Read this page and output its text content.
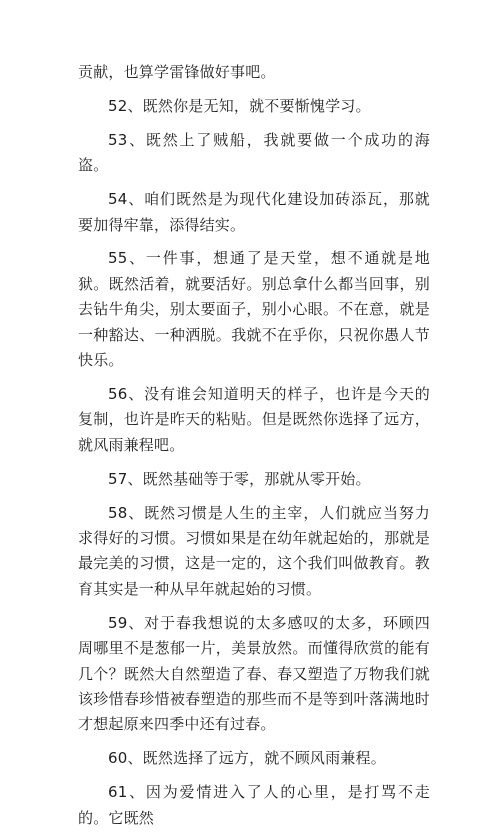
贡献，也算学雷锋做好事吧。

52、既然你是无知，就不要惭愧学习。

53、既然上了贼船，我就要做一个成功的海盗。

54、咱们既然是为现代化建设加砖添瓦，那就要加得牢靠，添得结实。

55、一件事，想通了是天堂，想不通就是地狱。既然活着，就要活好。别总拿什么都当回事，别去钻牛角尖，别太要面子，别小心眼。不在意，就是一种豁达、一种洒脱。我就不在乎你，只祝你愚人节快乐。

56、没有谁会知道明天的样子，也许是今天的复制，也许是昨天的粘贴。但是既然你选择了远方，就风雨兼程吧。

57、既然基础等于零，那就从零开始。

58、既然习惯是人生的主宰，人们就应当努力求得好的习惯。习惯如果是在幼年就起始的，那就是最完美的习惯，这是一定的，这个我们叫做教育。教育其实是一种从早年就起始的习惯。

59、对于春我想说的太多感叹的太多，环顾四周哪里不是葱郁一片，美景放然。而懂得欣赏的能有几个？既然大自然塑造了春、春又塑造了万物我们就该珍惜春珍惜被春塑造的那些而不是等到叶落满地时才想起原来四季中还有过春。

60、既然选择了远方，就不顾风雨兼程。

61、因为爱情进入了人的心里，是打骂不走的。它既然
